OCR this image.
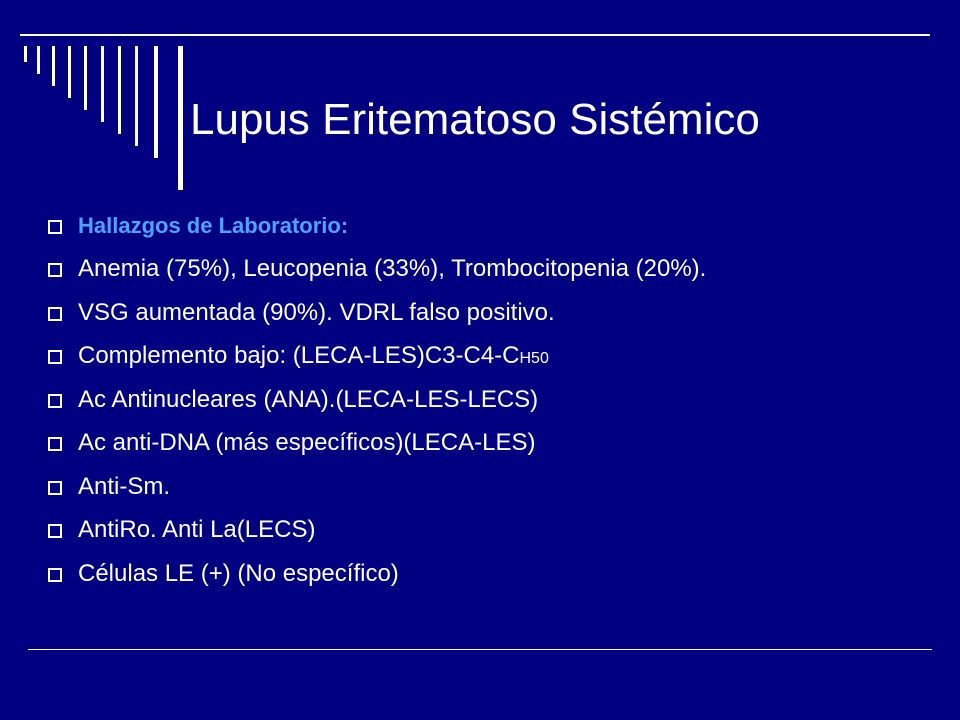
Lupus Eritematoso Sistémico
Hallazgos de Laboratorio:
Anemia (75%), Leucopenia (33%), Trombocitopenia (20%).
VSG aumentada (90%). VDRL falso positivo.
Complemento bajo: (LECA-LES)C3-C4-CH50
Ac Antinucleares (ANA).(LECA-LES-LECS)
Ac anti-DNA (más específicos)(LECA-LES)
Anti-Sm.
AntiRo. Anti La(LECS)
Células LE (+) (No específico)
